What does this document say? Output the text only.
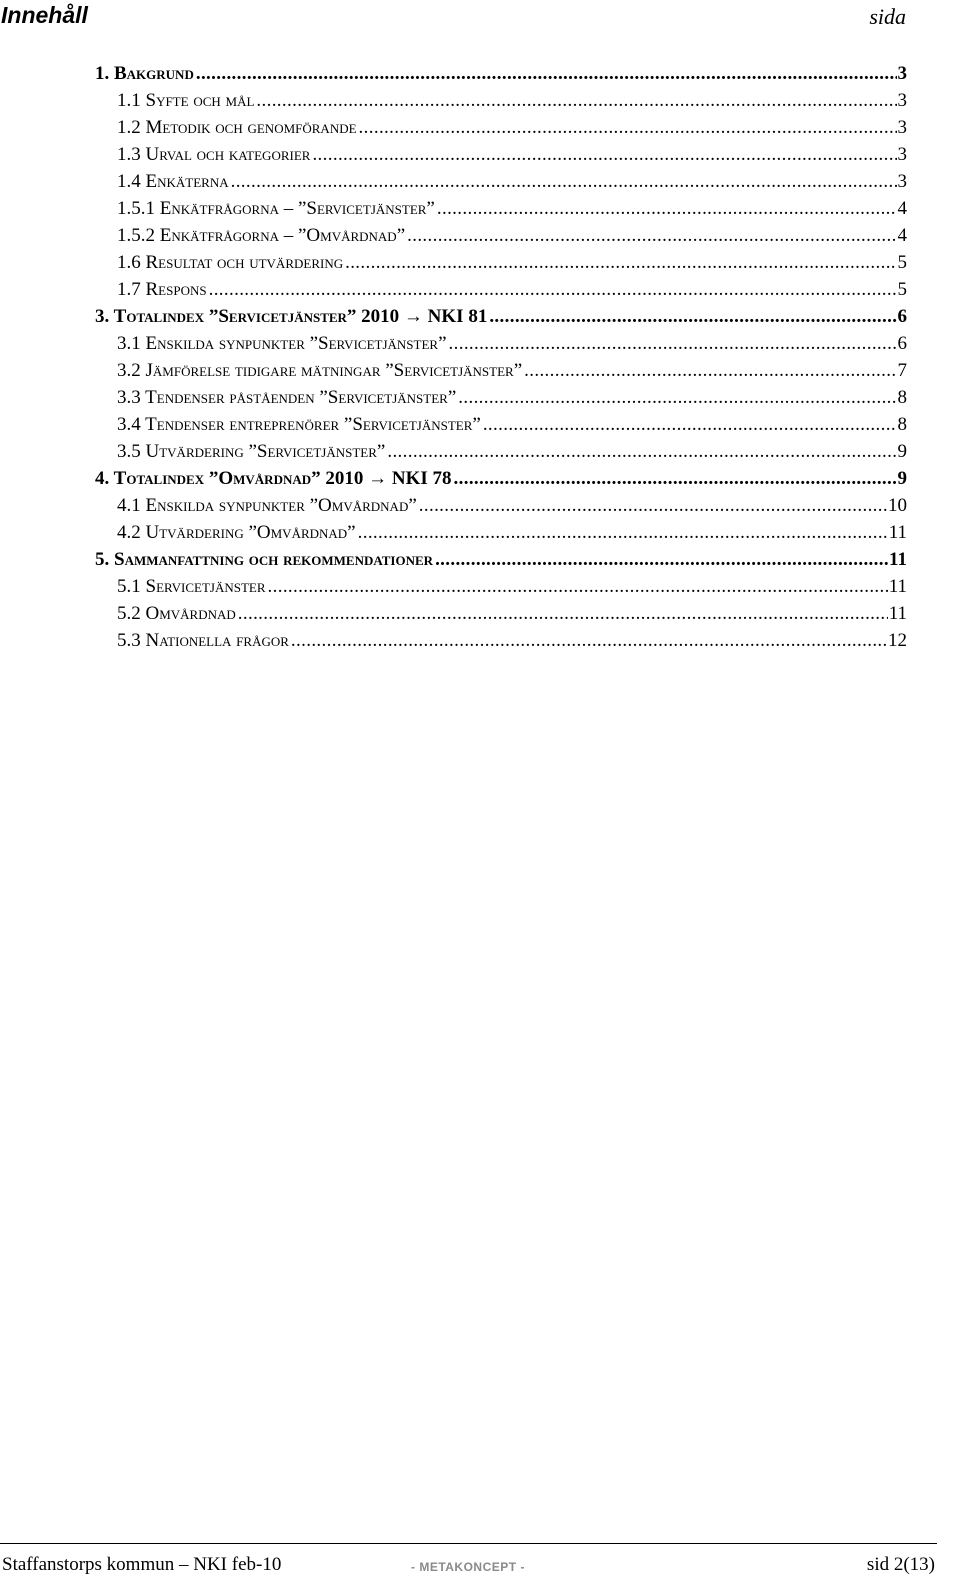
Innehåll	sida
1. Bakgrund .....	3
1.1 Syfte och mål .....	3
1.2 Metodik och genomförande .....	3
1.3 Urval och kategorier .....	3
1.4 Enkäterna .....	3
1.5.1 Enkätfrågorna – ”Servicetjänster” .....	4
1.5.2 Enkätfrågorna – ”Omvårdnad” .....	4
1.6 Resultat och utvärdering .....	5
1.7 Respons .....	5
3. Totalindex ”Servicetjänster” 2010 → NKI 81 .....	6
3.1 Enskilda synpunkter ”Servicetjänster” .....	6
3.2 Jämförelse tidigare mätningar ”Servicetjänster” .....	7
3.3 Tendenser påståenden ”Servicetjänster” .....	8
3.4 Tendenser entreprenörer ”Servicetjänster” .....	8
3.5 Utvärdering ”Servicetjänster” .....	9
4. Totalindex ”Omvårdnad” 2010 → NKI 78 .....	9
4.1 Enskilda synpunkter ”Omvårdnad” .....	10
4.2 Utvärdering ”Omvårdnad” .....	11
5. Sammanfattning och rekommendationer .....	11
5.1 Servicetjänster .....	11
5.2 Omvårdnad .....	11
5.3 Nationella frågor .....	12
Staffanstorps kommun – NKI feb-10	- METAKONCEPT -	sid 2(13)
